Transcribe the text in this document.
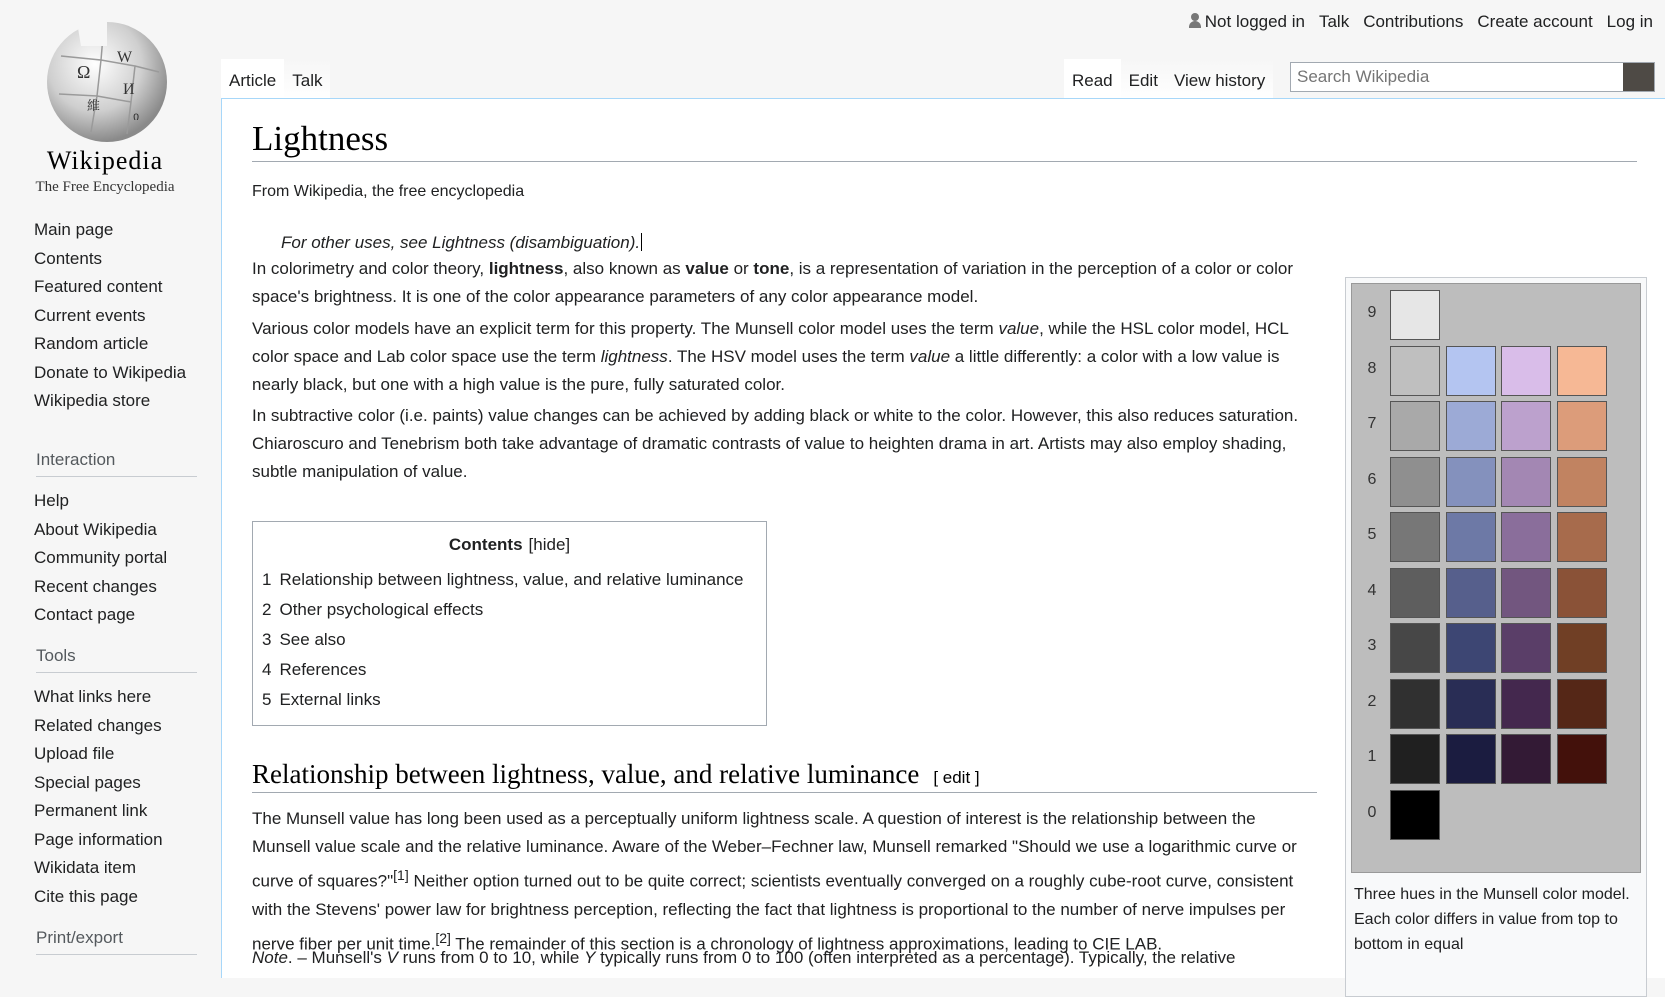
Ω
W
И
維
ი
Wikipedia
The Free Encyclopedia
Main page
Contents
Featured content
Current events
Random article
Donate to Wikipedia
Wikipedia store
Interaction
Help
About Wikipedia
Community portal
Recent changes
Contact page
Tools
What links here
Related changes
Upload file
Special pages
Permanent link
Page information
Wikidata item
Cite this page
Print/export
Not logged in Talk Contributions Create account Log in
Article Talk	Read Edit View history
Search Wikipedia
Lightness
From Wikipedia, the free encyclopedia
For other uses, see Lightness (disambiguation).
In colorimetry and color theory, lightness, also known as value or tone, is a representation of variation in the perception of a color or color space's brightness. It is one of the color appearance parameters of any color appearance model.
Various color models have an explicit term for this property. The Munsell color model uses the term value, while the HSL color model, HCL color space and Lab color space use the term lightness. The HSV model uses the term value a little differently: a color with a low value is nearly black, but one with a high value is the pure, fully saturated color.
In subtractive color (i.e. paints) value changes can be achieved by adding black or white to the color. However, this also reduces saturation. Chiaroscuro and Tenebrism both take advantage of dramatic contrasts of value to heighten drama in art. Artists may also employ shading, subtle manipulation of value.
Contents [hide]
1 Relationship between lightness, value, and relative luminance
2 Other psychological effects
3 See also
4 References
5 External links
Relationship between lightness, value, and relative luminance [ edit ]
The Munsell value has long been used as a perceptually uniform lightness scale. A question of interest is the relationship between the Munsell value scale and the relative luminance. Aware of the Weber–Fechner law, Munsell remarked "Should we use a logarithmic curve or curve of squares?"[1] Neither option turned out to be quite correct; scientists eventually converged on a roughly cube-root curve, consistent with the Stevens' power law for brightness perception, reflecting the fact that lightness is proportional to the number of nerve impulses per nerve fiber per unit time.[2] The remainder of this section is a chronology of lightness approximations, leading to CIE LAB.
Note. – Munsell's V runs from 0 to 10, while Y typically runs from 0 to 100 (often interpreted as a percentage). Typically, the relative
9
8
7
6
5
4
3
2
1
0
Three hues in the Munsell color model. Each color differs in value from top to bottom in equal
